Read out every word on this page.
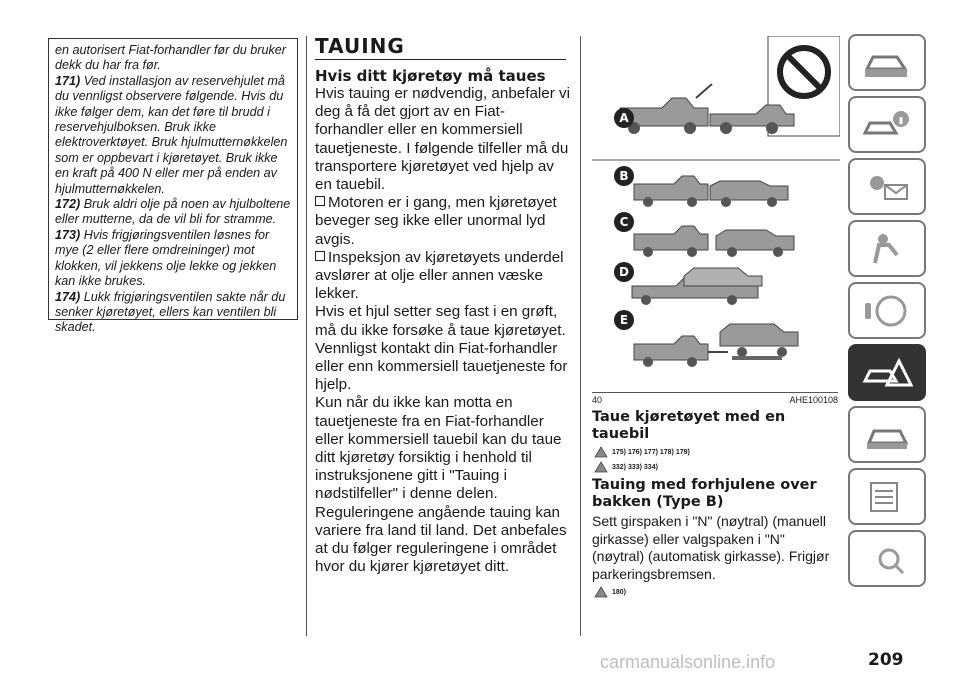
en autorisert Fiat-forhandler før du bruker dekk du har fra før.

171) Ved installasjon av reservehjulet må du vennligst observere følgende. Hvis du ikke følger dem, kan det føre til brudd i reservehjulboksen. Bruk ikke elektroverktøyet. Bruk hjulmutternøkkelen som er oppbevart i kjøretøyet. Bruk ikke en kraft på 400 N eller mer på enden av hjulmutternøkkelen.

172) Bruk aldri olje på noen av hjulboltene eller mutterne, da de vil bli for stramme.

173) Hvis frigjøringsventilen løsnes for mye (2 eller flere omdreininger) mot klokken, vil jekkens olje lekke og jekken kan ikke brukes.

174) Lukk frigjøringsventilen sakte når du senker kjøretøyet, ellers kan ventilen bli skadet.

TAUING
Hvis ditt kjøretøy må taues

Hvis tauing er nødvendig, anbefaler vi deg å få det gjort av en Fiat-forhandler eller en kommersiell tauetjeneste. I følgende tilfeller må du transportere kjøretøyet ved hjelp av en tauebil.

Motoren er i gang, men kjøretøyet beveger seg ikke eller unormal lyd avgis.

Inspeksjon av kjøretøyets underdel avslører at olje eller annen væske lekker.

Hvis et hjul setter seg fast i en grøft, må du ikke forsøke å taue kjøretøyet. Vennligst kontakt din Fiat-forhandler eller enn kommersiell tauetjeneste for hjelp.

Kun når du ikke kan motta en tauetjeneste fra en Fiat-forhandler eller kommersiell tauebil kan du taue ditt kjøretøy forsiktig i henhold til instruksjonene gitt i "Tauing i nødstilfeller" i denne delen. Reguleringene angående tauing kan variere fra land til land. Det anbefales at du følger reguleringene i området hvor du kjører kjøretøyet ditt.

A
B
C
D
E
40	AHE100108
Taue kjøretøyet med en tauebil
175) 176) 177) 178) 179)
332) 333) 334)
Tauing med forhjulene over bakken (Type B)

Sett girspaken i "N" (nøytral) (manuell girkasse) eller valgspaken i "N" (nøytral) (automatisk girkasse). Frigjør parkeringsbremsen.

180)
carmanualsonline.info	209
